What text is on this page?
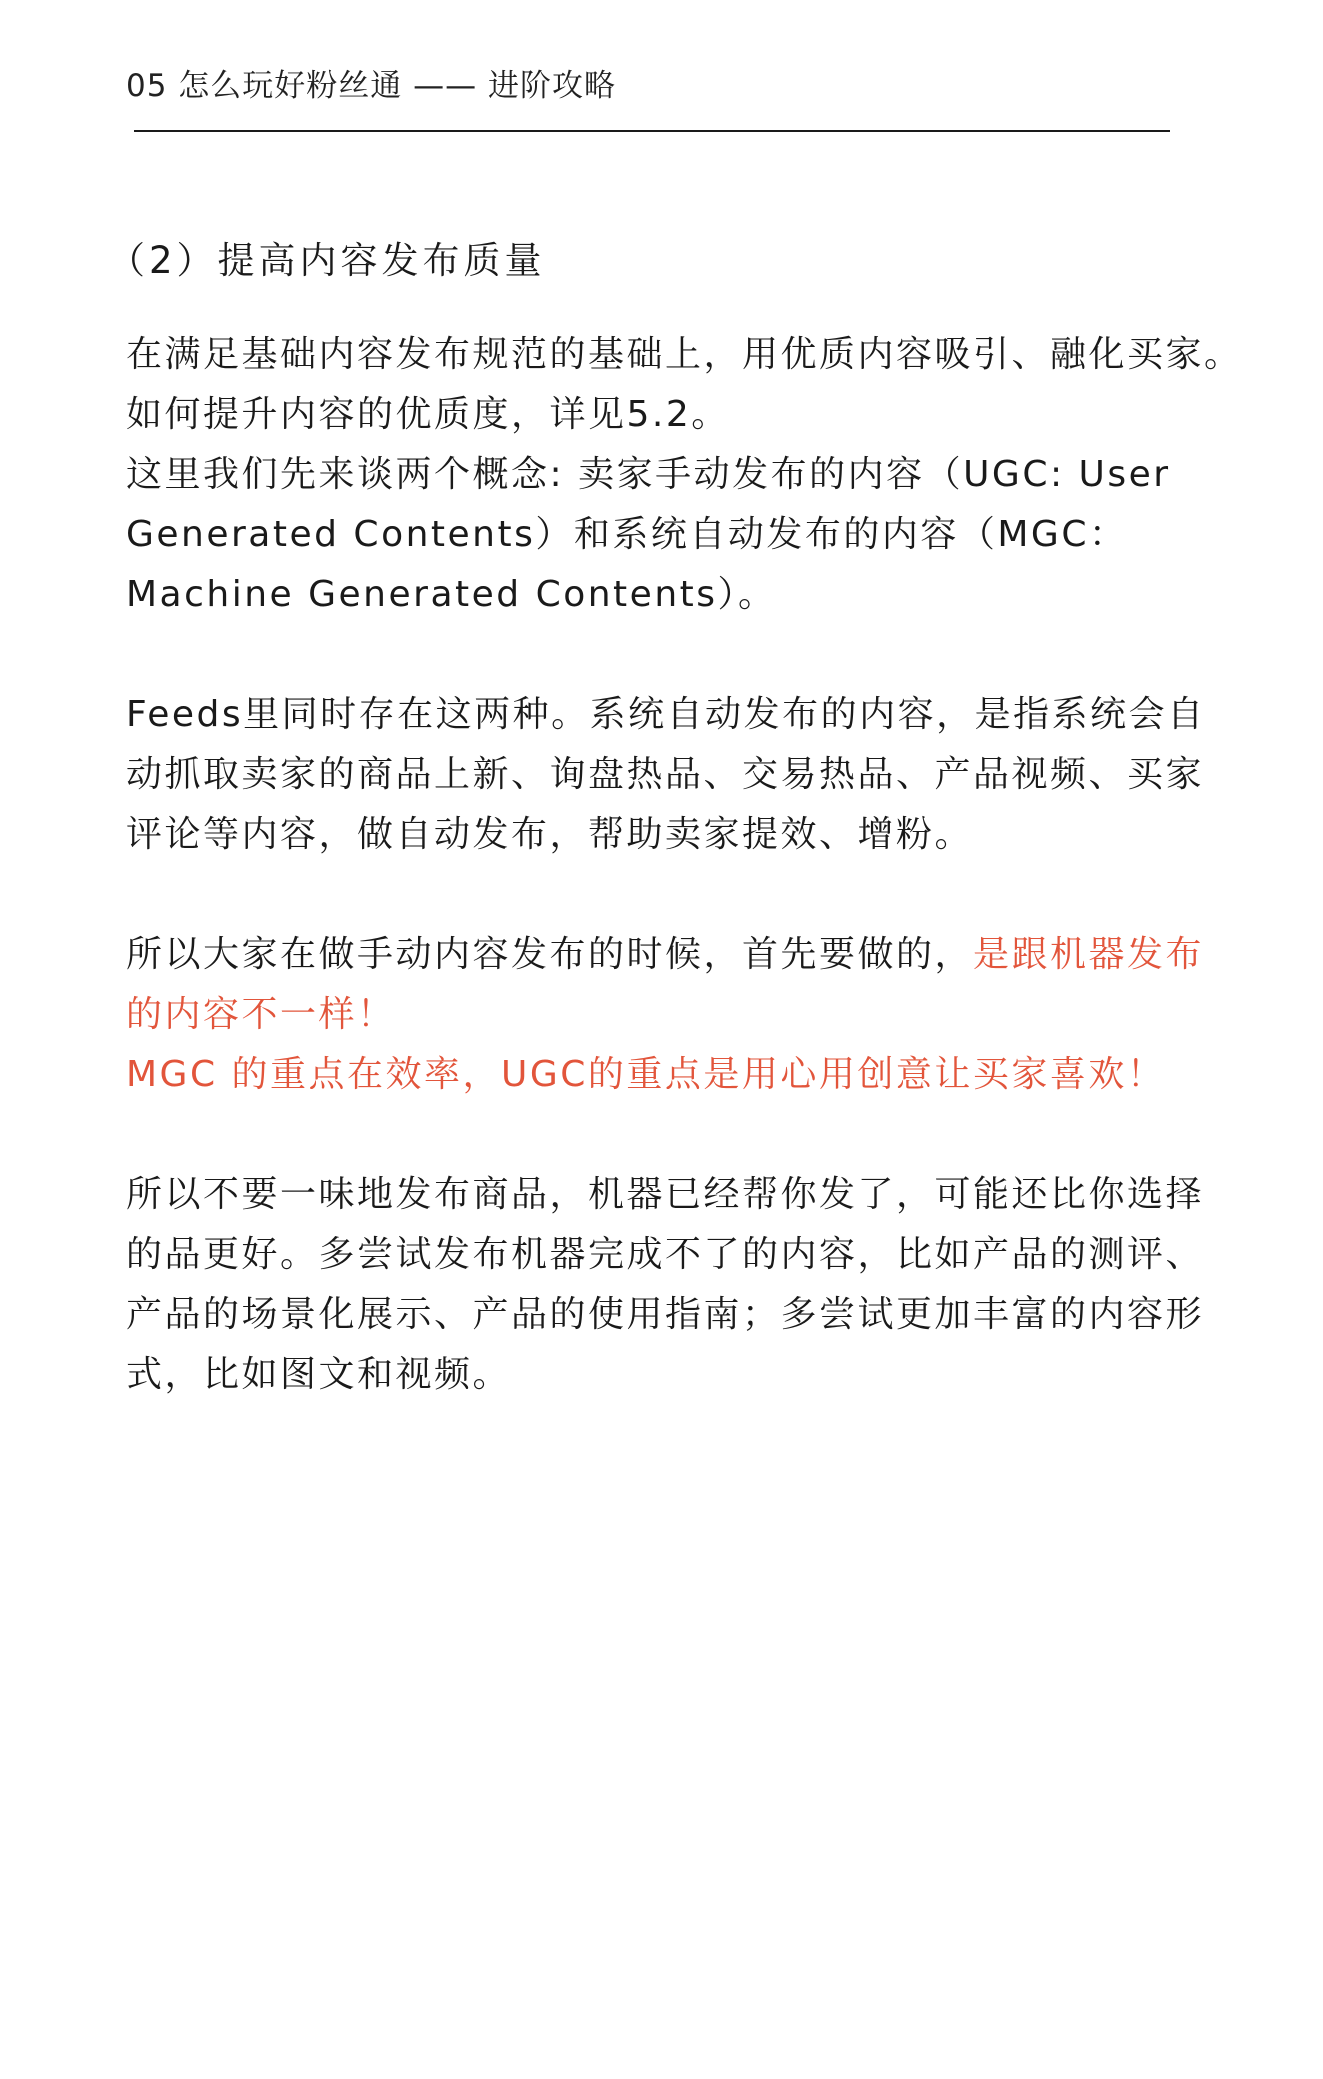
05 怎么玩好粉丝通 —— 进阶攻略
（2）提高内容发布质量
在满足基础内容发布规范的基础上，用优质内容吸引、融化买家。
如何提升内容的优质度，详见5.2。
这里我们先来谈两个概念: 卖家手动发布的内容（UGC: User
Generated Contents）和系统自动发布的内容（MGC：
Machine Generated Contents）。
Feeds里同时存在这两种。系统自动发布的内容，是指系统会自
动抓取卖家的商品上新、询盘热品、交易热品、产品视频、买家
评论等内容，做自动发布，帮助卖家提效、增粉。
所以大家在做手动内容发布的时候，首先要做的，是跟机器发布
的内容不一样！
MGC 的重点在效率，UGC的重点是用心用创意让买家喜欢！
所以不要一味地发布商品，机器已经帮你发了，可能还比你选择
的品更好。多尝试发布机器完成不了的内容，比如产品的测评、
产品的场景化展示、产品的使用指南；多尝试更加丰富的内容形
式，比如图文和视频。
